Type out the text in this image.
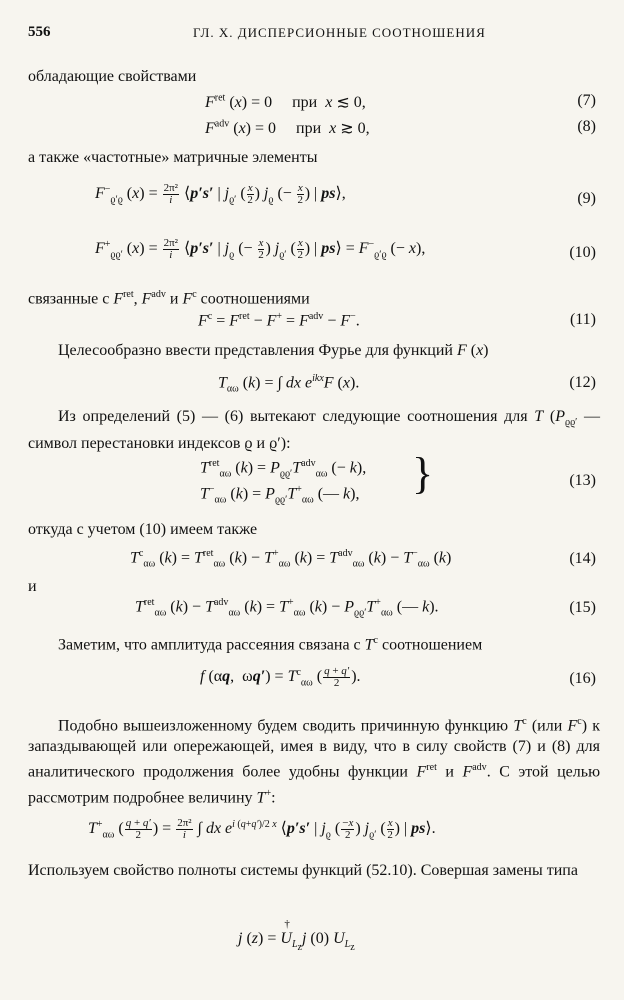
556	ГЛ. X. ДИСПЕРСИОННЫЕ СООТНОШЕНИЯ
обладающие свойствами
$F^{ret}$ (x) = 0     при  x ≲ 0,	(7)
$F^{adv}$ (x) = 0     при  x ≳ 0,	(8)
а также «частотные» матричные элементы
$F^-_{ϱ'ϱ}$ $(x) = \frac{\text{2π²}}{i}$ ⟨p′s′ | $j_{ϱ'}$ ( $\frac{x}{2}$ ) $j_ϱ$ (− $\frac{x}{2}$ ) | ps⟩,	(9)
$F^+_{ϱϱ'}$ $(x) = \frac{\text{2π²}}{i}$ ⟨p′s′ | $j_ϱ$ (− $\frac{x}{2}$ ) $j_{ϱ'}$ ( $\frac{x}{2}$ ) | ps⟩ = $F^-_{ϱ'ϱ}$ (− x),	(10)
связанные с $F^{ret}$, $F^{adv}$ и $F^c$ соотношениями
$F^c = F^{ret} - F^+ = F^{adv} - F^-$.	(11)
Целесообразно ввести представления Фурье для функций F (x)
$T_{\alpha\omega}$ (k) = ∫ dx $e^{ikx}F$ (x).	(12)
Из определений (5) — (6) вытекают следующие соотношения для T ($P_{ϱϱ'}$ — символ перестановки индексов ϱ и ϱ′):
$T^{ret}_{\alpha\omega}$ $(k) = P_{ϱϱ'}T^{adv}_{\alpha\omega}$ (− k),
$T^-_{\alpha\omega}$ $(k) = P_{ϱϱ'}T^+_{\alpha\omega}$ (— k), }	(13)
откуда с учетом (10) имеем также
$T^c_{\alpha\omega}$ $(k) = T^{ret}_{\alpha\omega}$ $(k) - T^+_{\alpha\omega}$ $(k) = T^{adv}_{\alpha\omega}$ $(k) - T^-_{\alpha\omega}$ (k)	(14)
и
$T^{ret}_{\alpha\omega}$ $(k) - T^{adv}_{\alpha\omega}$ $(k) = T^+_{\alpha\omega}$ $(k) - P_{ϱϱ'}T^+_{\alpha\omega}$ (— k).	(15)
Заметим, что амплитуда рассеяния связана с $T^c$ соотношением
f (αq,  $\omega q') = T^c_{\alpha\omega}$ ( $\frac{q + q'}{2}$ ).	(16)
Подобно вышеизложенному будем сводить причинную функцию $T^c$ (или $F^c$) к запаздывающей или опережающей, имея в виду, что в силу свойств (7) и (8) для аналитического продолжения более удобны функции $F^{ret}$ и $F^{adv}$. С этой целью рассмотрим подробнее величину T+:
$T^+_{\alpha\omega}$ ( $\frac{q + q'}{2}$ ) = $\frac{\text{2π²}}{i}$ ∫ dx $e^{i (q+q')/2 x}$ ⟨p′s′ | $j_ϱ$ ( $\frac{-x}{2}$ ) $j_{ϱ'}$ ( $\frac{x}{2}$ ) | ps⟩.
Используем свойство полноты системы функций (52.10). Совершая замены типа
j (z) = U
†
$_{L_z}$j (0) $U_{L_z}$
